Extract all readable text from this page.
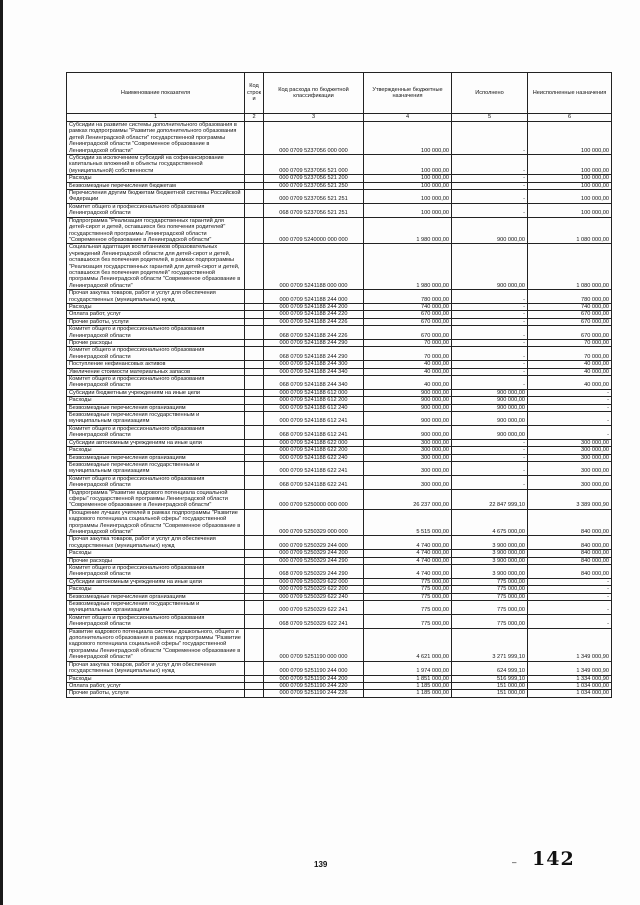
Наименование показателя	Код строк и	Код расхода по бюджетной классификации	Утвержденные бюджетные назначения	Исполнено	Неисполненные назначения
1	2	3	4	5	6
Субсидии на развитие системы дополнительного образования в рамках подпрограммы "Развитие дополнительного образования детей Ленинградской области" государственной программы Ленинградской области "Современное образование в Ленинградской области"		000 0709 5237056 000 000	100 000,00	-	100 000,00
Субсидии за исключением субсидий на софинансирование капитальных вложений в объекты государственной (муниципальной) собственности		000 0709 5237056 521 000	100 000,00	-	100 000,00
Расходы		000 0709 5237056 521 200	100 000,00	-	100 000,00
Безвозмездные перечисления бюджетам		000 0709 5237056 521 250	100 000,00	-	100 000,00
Перечисления другим бюджетам бюджетной системы Российской Федерации		000 0709 5237056 521 251	100 000,00	-	100 000,00
Комитет общего и профессионального образования Ленинградской области		068 0709 5237056 521 251	100 000,00	-	100 000,00
Подпрограмма "Реализация государственных гарантий для детей-сирот и детей, оставшихся без попечения родителей" государственной программы Ленинградской области "Современное образование в Ленинградской области"		000 0709 5240000 000 000	1 980 000,00	900 000,00	1 080 000,00
Социальная адаптация воспитанников образовательных учреждений Ленинградской области для детей-сирот и детей, оставшихся без попечения родителей, в рамках подпрограммы "Реализация государственных гарантий для детей-сирот и детей, оставшихся без попечения родителей" государственной программы Ленинградской области "Современное образование в Ленинградской области"		000 0709 5241188 000 000	1 980 000,00	900 000,00	1 080 000,00
Прочая закупка товаров, работ и услуг для обеспечения государственных (муниципальных) нужд		000 0709 5241188 244 000	780 000,00	-	780 000,00
Расходы		000 0709 5241188 244 200	740 000,00	-	740 000,00
Оплата работ, услуг		000 0709 5241188 244 220	670 000,00	-	670 000,00
Прочие работы, услуги		000 0709 5241188 244 226	670 000,00	-	670 000,00
Комитет общего и профессионального образования Ленинградской области		068 0709 5241188 244 226	670 000,00	-	670 000,00
Прочие расходы		000 0709 5241188 244 290	70 000,00	-	70 000,00
Комитет общего и профессионального образования Ленинградской области		068 0709 5241188 244 290	70 000,00	-	70 000,00
Поступление нефинансовых активов		000 0709 5241188 244 300	40 000,00	-	40 000,00
Увеличение стоимости материальных запасов		000 0709 5241188 244 340	40 000,00	-	40 000,00
Комитет общего и профессионального образования Ленинградской области		068 0709 5241188 244 340	40 000,00	-	40 000,00
Субсидии бюджетным учреждениям на иные цели		000 0709 5241188 612 000	900 000,00	900 000,00	-
Расходы		000 0709 5241188 612 200	900 000,00	900 000,00	-
Безвозмездные перечисления организациям		000 0709 5241188 612 240	900 000,00	900 000,00	-
Безвозмездные перечисления государственным и муниципальным организациям		000 0709 5241188 612 241	900 000,00	900 000,00	-
Комитет общего и профессионального образования Ленинградской области		068 0709 5241188 612 241	900 000,00	900 000,00	-
Субсидии автономным учреждениям на иные цели		000 0709 5241188 622 000	300 000,00	-	300 000,00
Расходы		000 0709 5241188 622 200	300 000,00	-	300 000,00
Безвозмездные перечисления организациям		000 0709 5241188 622 240	300 000,00	-	300 000,00
Безвозмездные перечисления государственным и муниципальным организациям		000 0709 5241188 622 241	300 000,00	-	300 000,00
Комитет общего и профессионального образования Ленинградской области		068 0709 5241188 622 241	300 000,00	-	300 000,00
Подпрограмма "Развитие кадрового потенциала социальной сферы" государственной программы Ленинградской области "Современное образование в Ленинградской области"		000 0709 5250000 000 000	26 237 000,00	22 847 999,10	3 389 000,90
Поощрение лучших учителей в рамках подпрограммы "Развитие кадрового потенциала социальной сферы" государственной программы Ленинградской области "Современное образование в Ленинградской области"		000 0709 5250329 000 000	5 515 000,00	4 675 000,00	840 000,00
Прочая закупка товаров, работ и услуг для обеспечения государственных (муниципальных) нужд		000 0709 5250329 244 000	4 740 000,00	3 900 000,00	840 000,00
Расходы		000 0709 5250329 244 200	4 740 000,00	3 900 000,00	840 000,00
Прочие расходы		000 0709 5250329 244 290	4 740 000,00	3 900 000,00	840 000,00
Комитет общего и профессионального образования Ленинградской области		068 0709 5250329 244 290	4 740 000,00	3 900 000,00	840 000,00
Субсидии автономным учреждениям на иные цели		000 0709 5250329 622 000	775 000,00	775 000,00	-
Расходы		000 0709 5250329 622 200	775 000,00	775 000,00	-
Безвозмездные перечисления организациям		000 0709 5250329 622 240	775 000,00	775 000,00	-
Безвозмездные перечисления государственным и муниципальным организациям		000 0709 5250329 622 241	775 000,00	775 000,00	-
Комитет общего и профессионального образования Ленинградской области		068 0709 5250329 622 241	775 000,00	775 000,00	-
Развитие кадрового потенциала системы дошкольного, общего и дополнительного образования в рамках подпрограммы "Развитие кадрового потенциала социальной сферы" государственной программы Ленинградской области "Современное образование в Ленинградской области"		000 0709 5251190 000 000	4 621 000,00	3 271 999,10	1 349 000,90
Прочая закупка товаров, работ и услуг для обеспечения государственных (муниципальных) нужд		000 0709 5251190 244 000	1 974 000,00	624 999,10	1 349 000,90
Расходы		000 0709 5251190 244 200	1 851 000,00	516 999,10	1 334 000,90
Оплата работ, услуг		000 0709 5251190 244 220	1 185 000,00	151 000,00	1 034 000,00
Прочие работы, услуги		000 0709 5251190 244 226	1 185 000,00	151 000,00	1 034 000,00
139	– 142
